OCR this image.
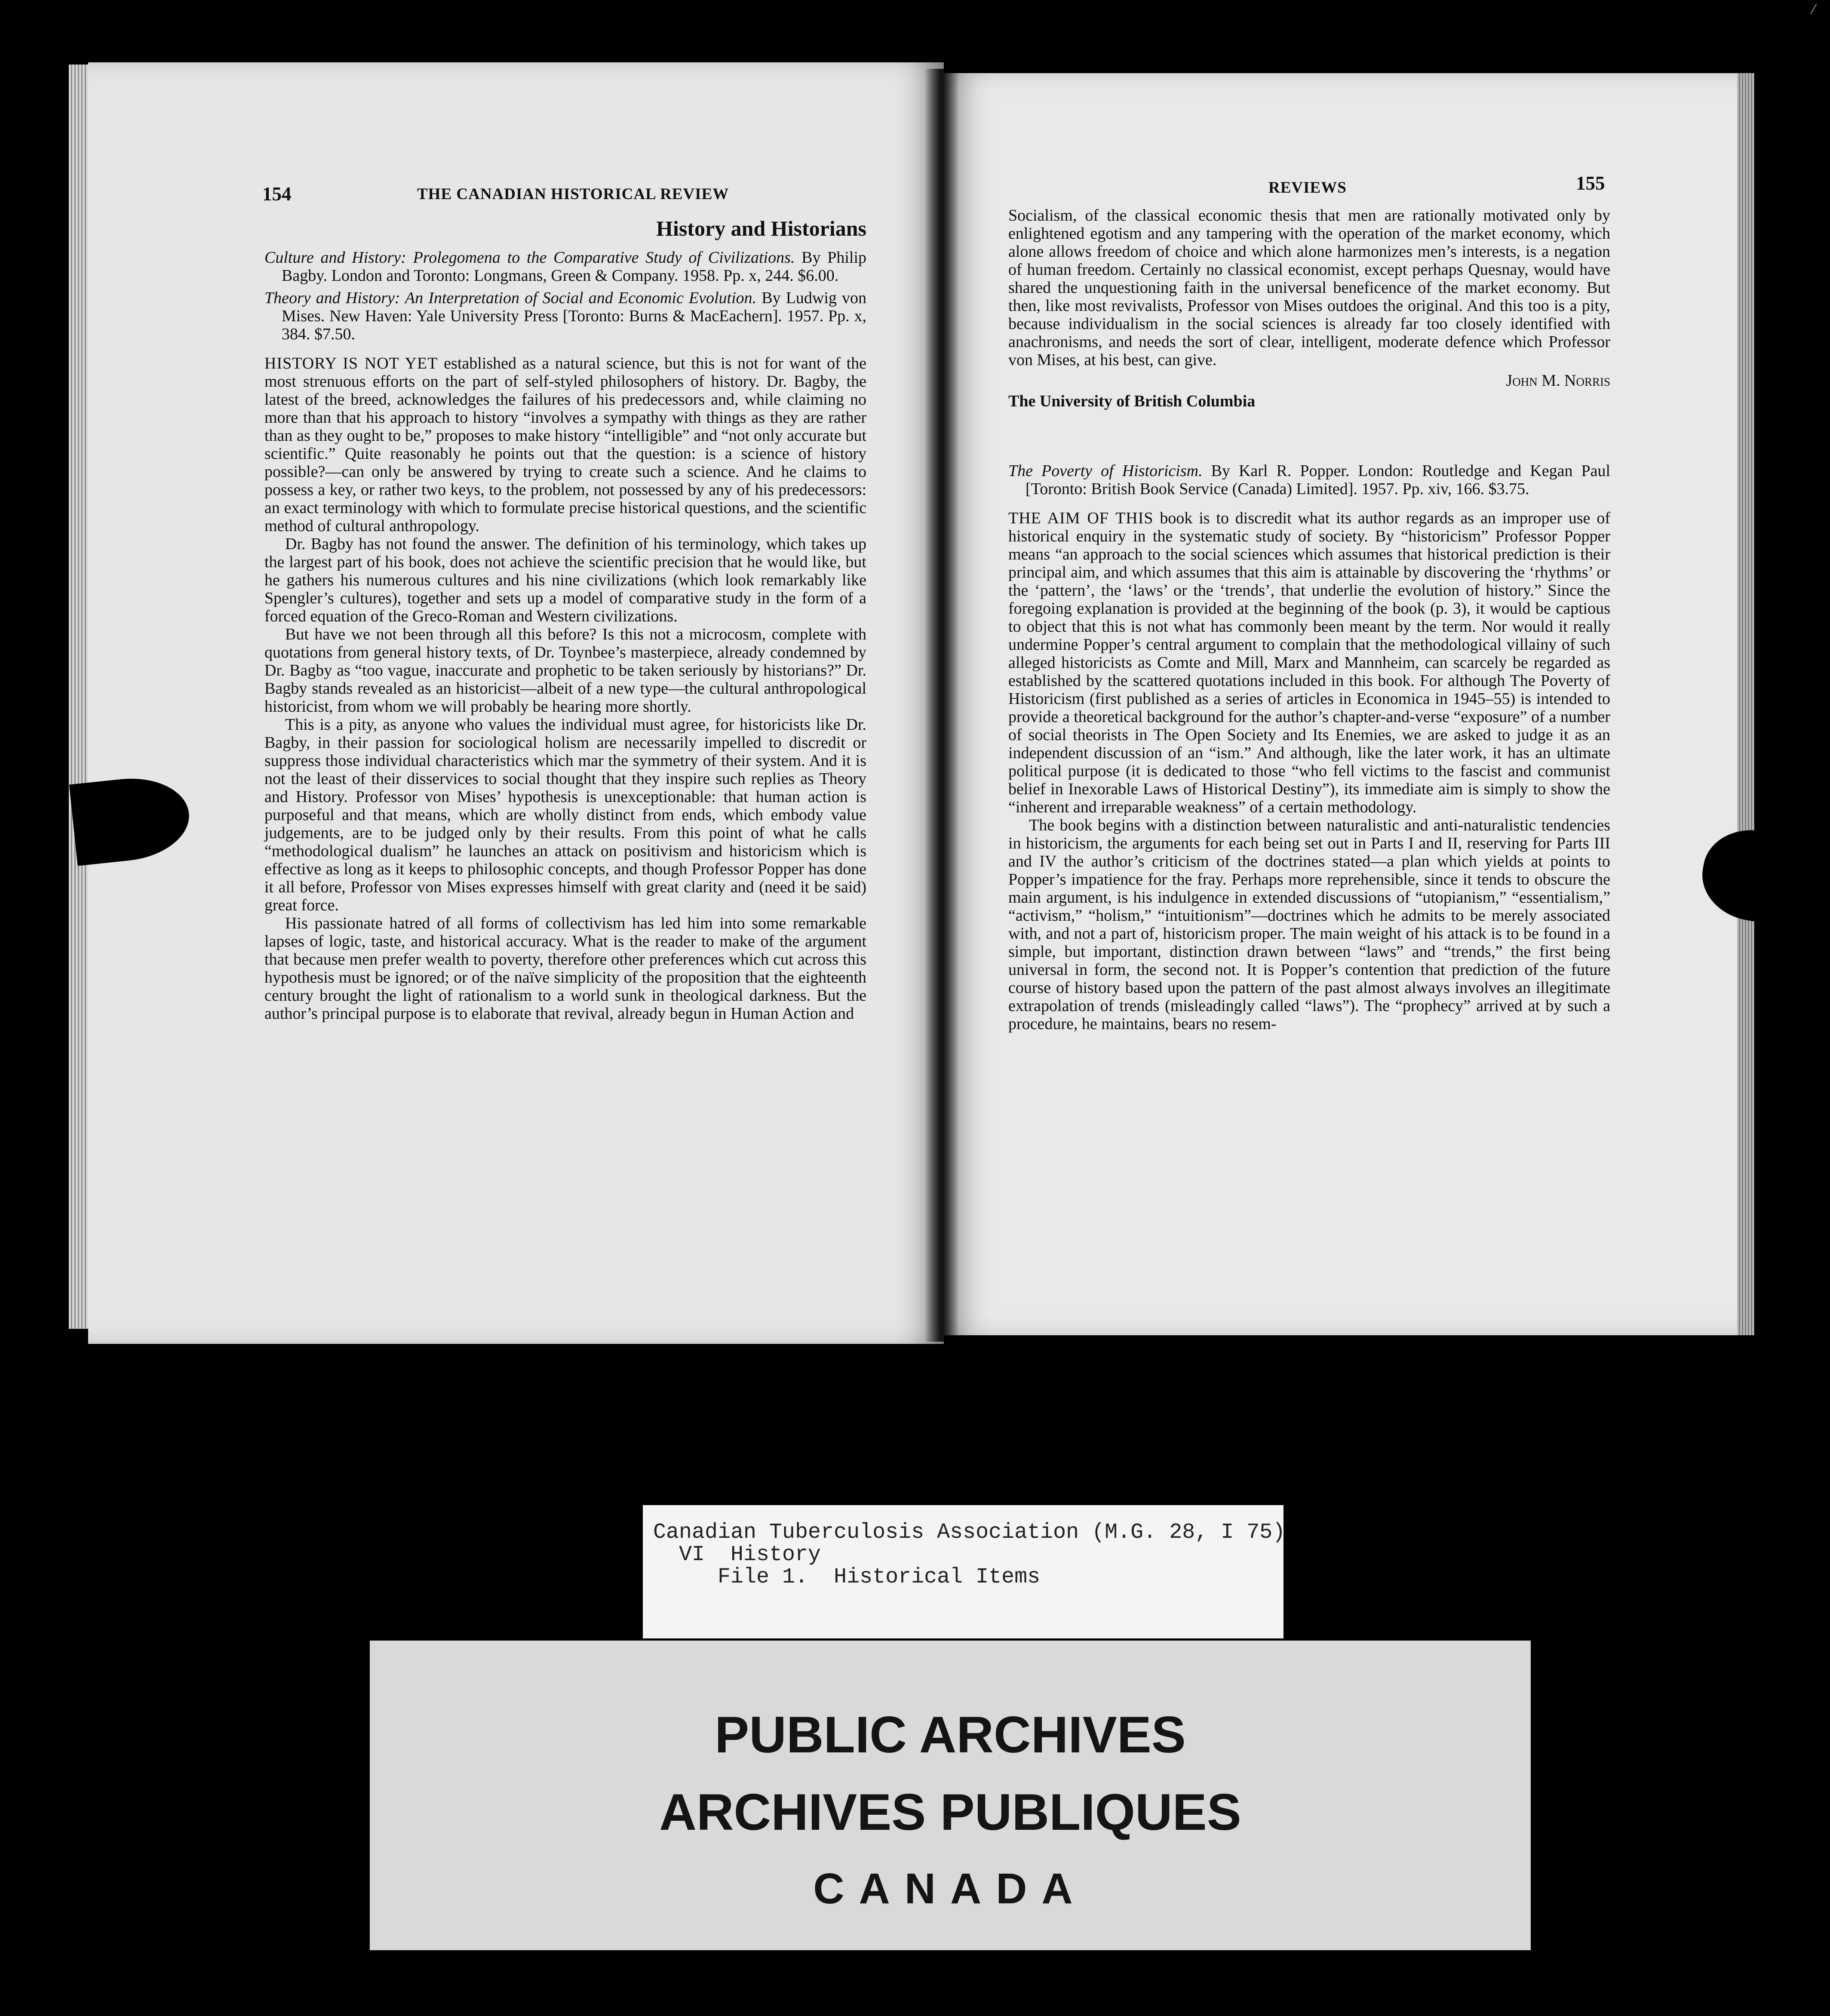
154	THE CANADIAN HISTORICAL REVIEW
History and Historians
Culture and History: Prolegomena to the Comparative Study of Civilizations. By Philip Bagby. London and Toronto: Longmans, Green & Company. 1958. Pp. x, 244. $6.00.
Theory and History: An Interpretation of Social and Economic Evolution. By Ludwig von Mises. New Haven: Yale University Press [Toronto: Burns & MacEachern]. 1957. Pp. x, 384. $7.50.

HISTORY IS NOT YET established as a natural science, but this is not for want of the most strenuous efforts on the part of self-styled philosophers of history. Dr. Bagby, the latest of the breed, acknowledges the failures of his predecessors and, while claiming no more than that his approach to history “involves a sympathy with things as they are rather than as they ought to be,” proposes to make history “intelligible” and “not only accurate but scientific.” Quite reasonably he points out that the question: is a science of history possible?—can only be answered by trying to create such a science. And he claims to possess a key, or rather two keys, to the problem, not possessed by any of his predecessors: an exact terminology with which to formulate precise historical questions, and the scientific method of cultural anthropology.

Dr. Bagby has not found the answer. The definition of his terminology, which takes up the largest part of his book, does not achieve the scientific precision that he would like, but he gathers his numerous cultures and his nine civilizations (which look remarkably like Spengler’s cultures), together and sets up a model of comparative study in the form of a forced equation of the Greco-Roman and Western civilizations.

But have we not been through all this before? Is this not a microcosm, complete with quotations from general history texts, of Dr. Toynbee’s masterpiece, already condemned by Dr. Bagby as “too vague, inaccurate and prophetic to be taken seriously by historians?” Dr. Bagby stands revealed as an historicist—albeit of a new type—the cultural anthropological historicist, from whom we will probably be hearing more shortly.

This is a pity, as anyone who values the individual must agree, for historicists like Dr. Bagby, in their passion for sociological holism are necessarily impelled to discredit or suppress those individual characteristics which mar the symmetry of their system. And it is not the least of their disservices to social thought that they inspire such replies as Theory and History. Professor von Mises’ hypothesis is unexceptionable: that human action is purposeful and that means, which are wholly distinct from ends, which embody value judgements, are to be judged only by their results. From this point of what he calls “methodological dualism” he launches an attack on positivism and historicism which is effective as long as it keeps to philosophic concepts, and though Professor Popper has done it all before, Professor von Mises expresses himself with great clarity and (need it be said) great force.

His passionate hatred of all forms of collectivism has led him into some remarkable lapses of logic, taste, and historical accuracy. What is the reader to make of the argument that because men prefer wealth to poverty, therefore other preferences which cut across this hypothesis must be ignored; or of the naïve simplicity of the proposition that the eighteenth century brought the light of rationalism to a world sunk in theological darkness. But the author’s principal purpose is to elaborate that revival, already begun in Human Action and

REVIEWS	155

Socialism, of the classical economic thesis that men are rationally motivated only by enlightened egotism and any tampering with the operation of the market economy, which alone allows freedom of choice and which alone harmonizes men’s interests, is a negation of human freedom. Certainly no classical economist, except perhaps Quesnay, would have shared the unquestioning faith in the universal beneficence of the market economy. But then, like most revivalists, Professor von Mises outdoes the original. And this too is a pity, because individualism in the social sciences is already far too closely identified with anachronisms, and needs the sort of clear, intelligent, moderate defence which Professor von Mises, at his best, can give.

John M. Norris

The University of British Columbia

The Poverty of Historicism. By Karl R. Popper. London: Routledge and Kegan Paul [Toronto: British Book Service (Canada) Limited]. 1957. Pp. xiv, 166. $3.75.

THE AIM OF THIS book is to discredit what its author regards as an improper use of historical enquiry in the systematic study of society. By “historicism” Professor Popper means “an approach to the social sciences which assumes that historical prediction is their principal aim, and which assumes that this aim is attainable by discovering the ‘rhythms’ or the ‘pattern’, the ‘laws’ or the ‘trends’, that underlie the evolution of history.” Since the foregoing explanation is provided at the beginning of the book (p. 3), it would be captious to object that this is not what has commonly been meant by the term. Nor would it really undermine Popper’s central argument to complain that the methodological villainy of such alleged historicists as Comte and Mill, Marx and Mannheim, can scarcely be regarded as established by the scattered quotations included in this book. For although The Poverty of Historicism (first published as a series of articles in Economica in 1945–55) is intended to provide a theoretical background for the author’s chapter-and-verse “exposure” of a number of social theorists in The Open Society and Its Enemies, we are asked to judge it as an independent discussion of an “ism.” And although, like the later work, it has an ultimate political purpose (it is dedicated to those “who fell victims to the fascist and communist belief in Inexorable Laws of Historical Destiny”), its immediate aim is simply to show the “inherent and irreparable weakness” of a certain methodology.

The book begins with a distinction between naturalistic and anti-naturalistic tendencies in historicism, the arguments for each being set out in Parts I and II, reserving for Parts III and IV the author’s criticism of the doctrines stated—a plan which yields at points to Popper’s impatience for the fray. Perhaps more reprehensible, since it tends to obscure the main argument, is his indulgence in extended discussions of “utopianism,” “essentialism,” “activism,” “holism,” “intuitionism”—doctrines which he admits to be merely associated with, and not a part of, historicism proper. The main weight of his attack is to be found in a simple, but important, distinction drawn between “laws” and “trends,” the first being universal in form, the second not. It is Popper’s contention that prediction of the future course of history based upon the pattern of the past almost always involves an illegitimate extrapolation of trends (misleadingly called “laws”). The “prophecy” arrived at by such a procedure, he maintains, bears no resem-

⁄
Canadian Tuberculosis Association (M.G. 28, I 75)
VI  History
File 1.  Historical Items
PUBLIC ARCHIVES
ARCHIVES PUBLIQUES
CANADA
